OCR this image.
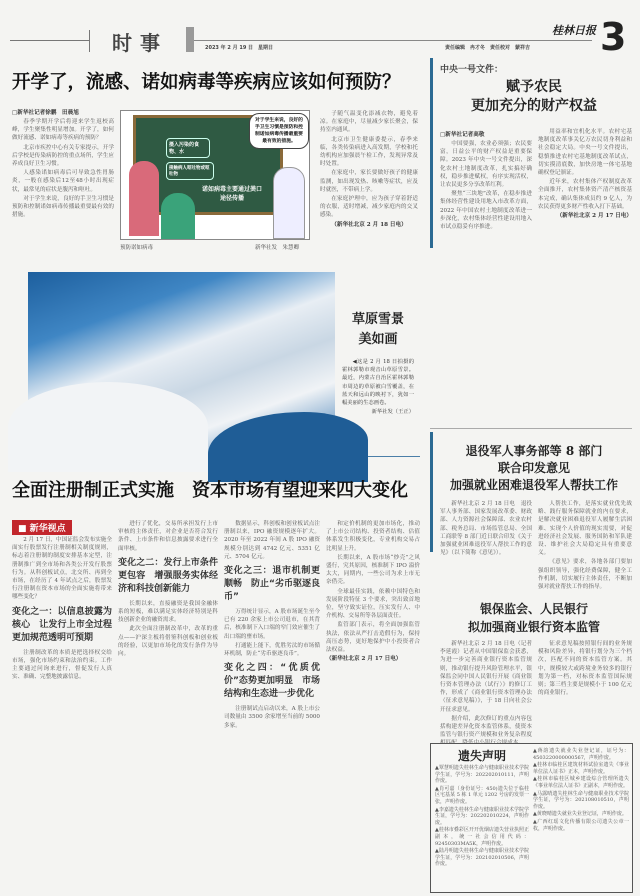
时事	2023 年 2 月 19 日　星期日
桂林日报
责任编辑　冉才冬　责任校对　蒙祥吉 3
开学了，流感、诺如病毒等疾病应该如何预防？
□新华社记者徐鹏　田晨旭

春季学期开学后将迎来学生返校高峰，学生聚集性明显增加。开学了，如何做好流感、诺如病毒等疾病的预防？

北京市疾控中心有关专家提示，开学后学校是传染病防控的重点场所，学生应养成良好卫生习惯。

人感染诺如病毒后可导致急性胃肠炎，一般在感染后12至48小时出现症状，最常见的症状是腹泻和呕吐。

对于学生来说，良好的手卫生习惯是预防和控制诺如病毒传播最重要最有效的措施。

摄入污染的食物、水
接触病人呕吐物或呕吐物
诺如病毒主要通过粪口途径传播
对于学生来说，良好的手卫生习惯是预防和控制诺如病毒传播最重要最有效的措施。
预防诺如病毒	新华社发　朱慧卿

子随气温变化添减衣物，避免着凉。在家庭中，尽量减少家长聚会，保持室内通风。

北京市卫生健康委提示，春季来临，各类传染病进入高发期，学校和托幼机构应加强晨午检工作，发现异常及时处置。

在家庭中，家长要做好孩子的健康监测，如出现发热、咳嗽等症状，应及时就医，不带病上学。

在家庭护理中，应为孩子穿着舒适的衣服，适时增减，减少家庭内的交叉感染。

（新华社北京 2 月 18 日电）
草原雪景
美如画

◀这是 2 月 18 日拍摄的霍林郭勒市观音山草原雪景。最近，内蒙古自治区霍林郭勒市周边的草原被白雪覆盖，在蓝天和远山的映衬下，犹如一幅美丽的生态画卷。

新华社发（王正）
全面注册制正式实施　资本市场有望迎来四大变化
■ 新华视点

2 月 17 日，中国证监会发布实施全面实行股票发行注册制相关制度规则，标志着注册制的制度安排基本定型，注册制推广到全市场和各类公开发行股票行为。从科创板试点，北交所、再到全市场，在经历了 4 年试点之后，股票发行注册制在资本市场的全面实施将带来哪些变化？

变化之一：以信息披露为核心　让发行上市全过程更加规范透明可预期

注册制改革的本质是把选择权交给市场，强化市场约束和法治约束。工作主要通过问询来进行，督促发行人真实、准确、完整地披露信息。

进行了优化，交易所承担发行上市审核的主体责任，对企业是否符合发行条件、上市条件和信息披露要求进行全面审核。

变化之二：发行上市条件更包容　增强服务实体经济和科技创新能力

长期以来，直接融资是我国金融体系的短板，难以满足实体经济特别是科技创新企业的融资需求。

此次全面注册制改革中，改革的重点——沪深主板将借鉴科创板和创业板的经验，以更加市场化的发行条件为导向。

数据显示，科创板和创业板试点注册制以来，IPO 融资规模逐年扩大。2020 年至 2022 年间 A 股 IPO 融资规模分别达到 4742 亿元、5351 亿元、5704 亿元。

变化之三：退市机制更顺畅　防止“劣币驱逐良币”

万得统计显示，A 股市场诞生至今已有 220 余家上市公司退市，在其背后，核准制下入口端的窄门效应催生了出口端的壅市场。

打通能上能下，优胜劣汰的市场循环机制，防止“劣币驱逐良币”。

变化之四：“优质优价”态势更加明显　市场结构和生态进一步优化

注册制试点启动以来，A 股上市公司数量由 3500 余家增至当前的 5000 多家。

和定价机制的更加市场化，推动了上市公司结构、投资者结构、估值体系发生积极变化，专业机构交易占比明显上升。

长期以来，A 股市场“炒壳”之风盛行，究其原因，核准制下 IPO 溢价太大，同期内，一些公司为求上市无奈借壳。

全球最佳实践，依赖中国特色和发展阶段特征 3 个要求，突出致首地位，坚守致实证位，压实发行人、中介机构、交易所等各层面责任。

监管部门表示，将全面加强监管执法，依法从严打击造假行为，保持高压态势，更好地保护中小投资者合法权益。

（新华社北京 2 月 17 日电）
中央一号文件：
赋予农民
更加充分的财产权益
□新华社记者高敬

中国要强，农业必须强；农民要富，日益公平的财产权益是重要保障。2023 年中央一号文件提出，深化农村土地制度改革，扎实搞好确权，稳步推进赋权，有序实现活权，让农民更多分享改革红利。

聚焦“三块地”改革，在稳步推进集体经营性建设用地入市改革方面，2022 年中国农村土地制度改革进一步深化，农村集体经营性建设用地入市试点稳妥有序推进。

用益率和宜机化水平。农村宅基地制度改革事关亿万农民切身利益和社会稳定大局。中央一号文件提出，稳慎推进农村宅基地制度改革试点，切实摸清底数，加快房地一体宅基地确权登记颁证。

近年来，农村集体产权制度改革全面推开，农村集体资产清产核资基本完成，确认集体成员约 9 亿人，为农民获得更多财产性收入打下基础。

（新华社北京 2 月 17 日电）
退役军人事务部等 8 部门
联合印发意见
加强就业困难退役军人帮扶工作

新华社北京 2 月 18 日电　退役军人事务部、国家发展改革委、财政部、人力资源社会保障部、农业农村部、税务总局、市场监管总局、全国工商联等 8 部门近日联合印发《关于加强就业困难退役军人帮扶工作的意见》（以下简称《意见》）。

人帮扶工作，是落实就业优先战略、践行服务保障就业的内在要求，是解决就业困难退役军人履解生活困难、实现个人价值的现实需要，对促进经济社会发展、服务国防和军队建设、维护社会大局稳定具有重要意义。

《意见》要求，各地各部门要加强组织领导，强化经费保障，健全工作机制，切实履行主体责任，不断加强对就业帮扶工作的指导。

银保监会、人民银行
拟加强商业银行资本监管

新华社北京 2 月 18 日电（记者李延霞）记者从中国银保监会获悉，为进一步完善商业银行资本监管规则，推动银行提升风险管理水平，银保监会同中国人民银行开展《商业银行资本管理办法（试行）》的修订工作，形成了《商业银行资本管理办法（征求意见稿）》，于 18 日向社会公开征求意见。

据介绍，此次修订的重点内容包括构建差异化资本监管体系，使资本监管与银行资产规模和业务复杂程度

征求意见稿按照银行间的业务规模和风险差异，将银行划分为三个档次，匹配不同的资本监管方案。其中，规模较大或跨境业务较多的银行划为第一档，对标资本监管国际规则；第三档主要是规模小于 100 亿元的商业银行。

遗失声明

▲覃慧明遗失桂林生命与健康职业技术学院学生证，学号为：202202010111，声明作废。

▲肖可嘉（身份证号：450)遗失位于临桂区宅基某 5 栋 1 单元 1202 号房的发票一张，声明作废。

▲李嘉遗失桂林生命与健康职业技术学院学生证，学号为：202202010224，声明作废。

▲桂林市叠彩区开开优烟店遗失营业执照正副本，统一社会信用代码：92450303MA5K，声明作废。

▲陆丹明遗失桂林生命与健康职业技术学院学生证，学号为：202102010506，声明作废。

▲蒋韵遗失就业失业登记证，证号为：4503220000000567，声明作废。

▲桂林市临桂区建筑材料试验室遗失《事业单位法人证书》正本，声明作废。

▲桂林市临桂区城乡建设综合管理所遗失《事业单位法人证书》正副本，声明作废。

▲马露晴遗失桂林生命与健康职业技术学院学生证，学号为：202108010510，声明作废。

▲黄晓晴遗失就业失业登记证，声明作废。

▲广西红瑶文化传播有限公司遗失公章一枚，声明作废。
